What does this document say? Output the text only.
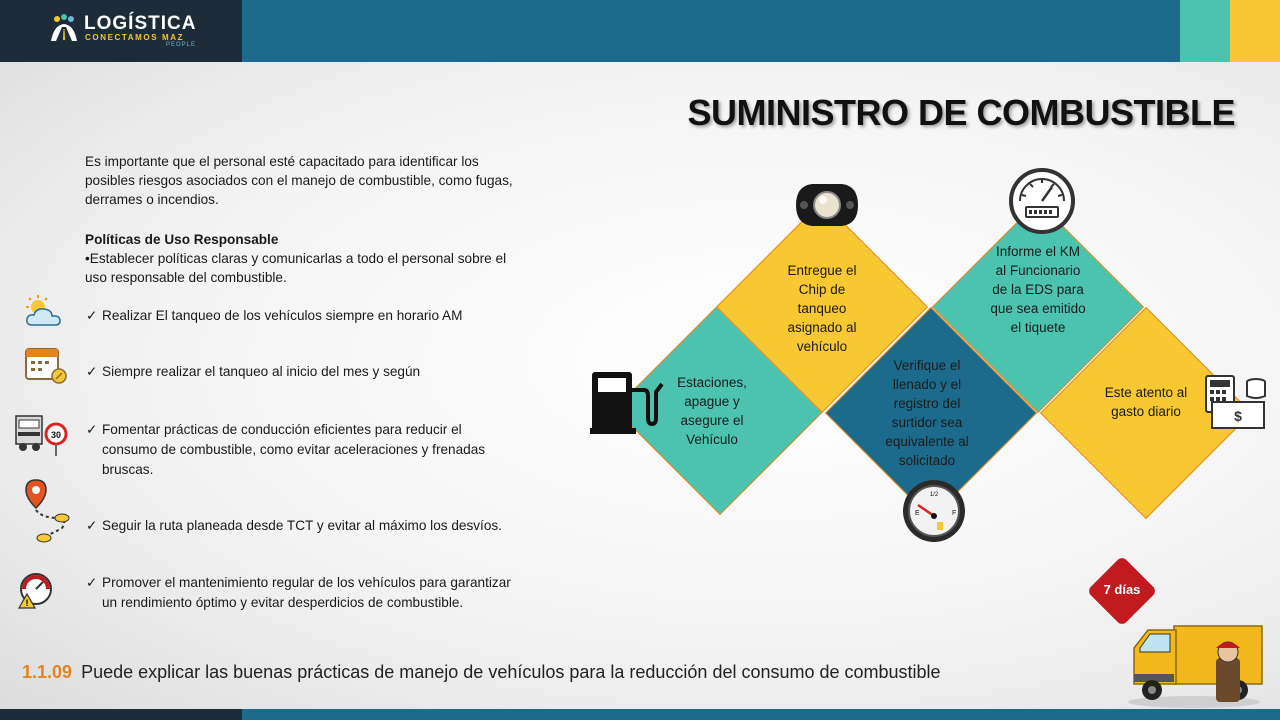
LOGÍSTICA
CONECTAMOS MAZ
PEOPLE
SUMINISTRO DE COMBUSTIBLE
Es importante que el personal esté capacitado para identificar los posibles riesgos asociados con el manejo de combustible, como fugas, derrames o incendios.
Políticas de Uso Responsable
•Establecer políticas claras y comunicarlas a todo el personal sobre el uso responsable del combustible.
30
!
✓ Realizar El tanqueo de los vehículos siempre en horario AM
✓ Siempre realizar el tanqueo al inicio del mes y según
✓ Fomentar prácticas de conducción eficientes para reducir el consumo de combustible, como evitar aceleraciones y frenadas bruscas.
✓ Seguir la ruta planeada desde TCT y evitar al máximo los desvíos.
✓ Promover el mantenimiento regular de los vehículos para garantizar un rendimiento óptimo y evitar desperdicios de combustible.
Estaciones, apague y asegure el Vehículo
Entregue el Chip de tanqueo asignado al vehículo
Verifique el llenado y el registro del surtidor sea equivalente al solicitado
Informe el KM al Funcionario de la EDS para que sea emitido el tiquete
Este atento al gasto diario
E
1/2
F
$
7 días
1.1.09 Puede explicar las buenas prácticas de manejo de vehículos para la reducción del consumo de combustible
